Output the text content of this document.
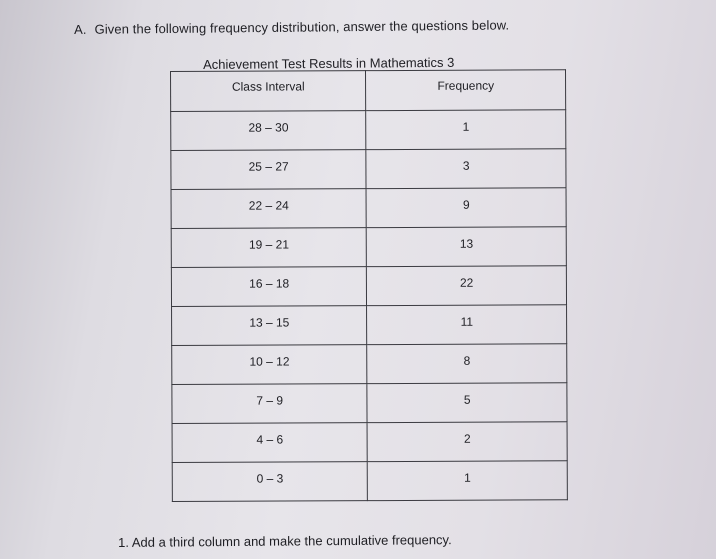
A. Given the following frequency distribution, answer the questions below.
Achievement Test Results in Mathematics 3
Class Interval	Frequency
28 – 30	1
25 – 27	3
22 – 24	9
19 – 21	13
16 – 18	22
13 – 15	11
10 – 12	8
7 – 9	5
4 – 6	2
0 – 3	1
1. Add a third column and make the cumulative frequency.
